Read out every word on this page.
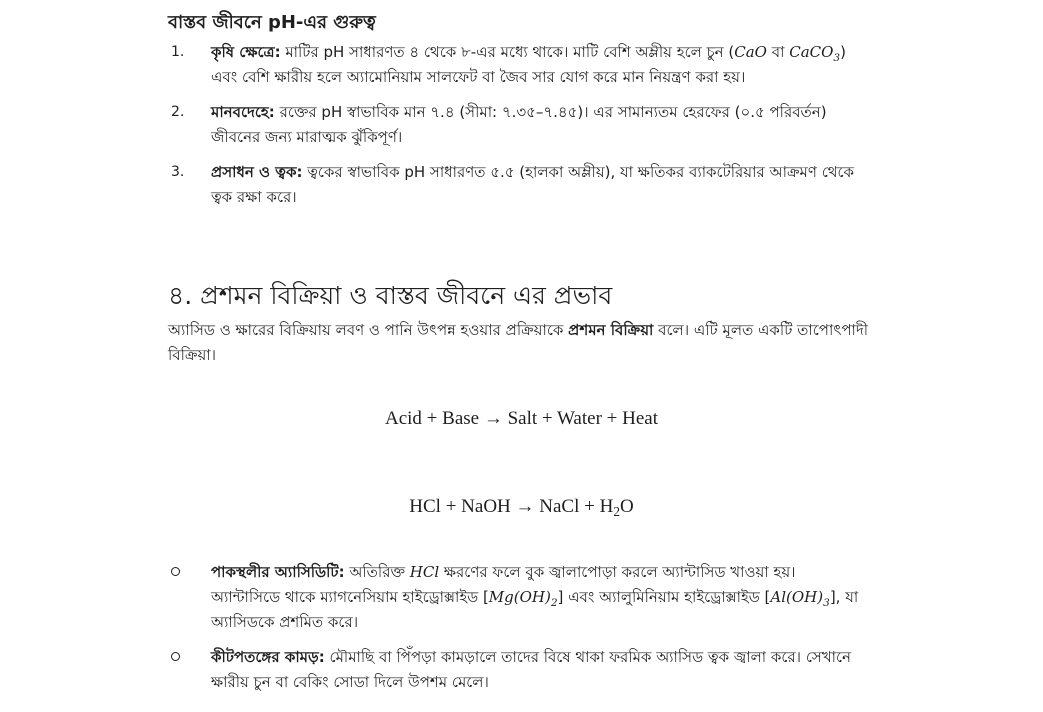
বাস্তব জীবনে pH-এর গুরুত্ব
1.	কৃষি ক্ষেত্রে: মাটির pH সাধারণত ৪ থেকে ৮-এর মধ্যে থাকে। মাটি বেশি অম্লীয় হলে চুন (CaO বা CaCO$_3$) এবং বেশি ক্ষারীয় হলে অ্যামোনিয়াম সালফেট বা জৈব সার যোগ করে মান নিয়ন্ত্রণ করা হয়।
2.	মানবদেহে: রক্তের pH স্বাভাবিক মান ৭.৪ (সীমা: ৭.৩৫–৭.৪৫)। এর সামান্যতম হেরফের (০.৫ পরিবর্তন) জীবনের জন্য মারাত্মক ঝুঁকিপূর্ণ।
3.	প্রসাধন ও ত্বক: ত্বকের স্বাভাবিক pH সাধারণত ৫.৫ (হালকা অম্লীয়), যা ক্ষতিকর ব্যাকটেরিয়ার আক্রমণ থেকে ত্বক রক্ষা করে।
৪. প্রশমন বিক্রিয়া ও বাস্তব জীবনে এর প্রভাব
অ্যাসিড ও ক্ষারের বিক্রিয়ায় লবণ ও পানি উৎপন্ন হওয়ার প্রক্রিয়াকে প্রশমন বিক্রিয়া বলে। এটি মূলত একটি তাপোৎপাদী বিক্রিয়া।
Acid + Base → Salt + Water + Heat
HCl + NaOH → NaCl + $H_2O$
পাকস্থলীর অ্যাসিডিটি: অতিরিক্ত HCl ক্ষরণের ফলে বুক জ্বালাপোড়া করলে অ্যান্টাসিড খাওয়া হয়। অ্যান্টাসিডে থাকে ম্যাগনেসিয়াম হাইড্রোক্সাইড $[Mg(OH)_2]$ এবং অ্যালুমিনিয়াম হাইড্রোক্সাইড $[Al(OH)_3]$, যা অ্যাসিডকে প্রশমিত করে।
কীটপতঙ্গের কামড়: মৌমাছি বা পিঁপড়া কামড়ালে তাদের বিষে থাকা ফরমিক অ্যাসিড ত্বক জ্বালা করে। সেখানে ক্ষারীয় চুন বা বেকিং সোডা দিলে উপশম মেলে।
